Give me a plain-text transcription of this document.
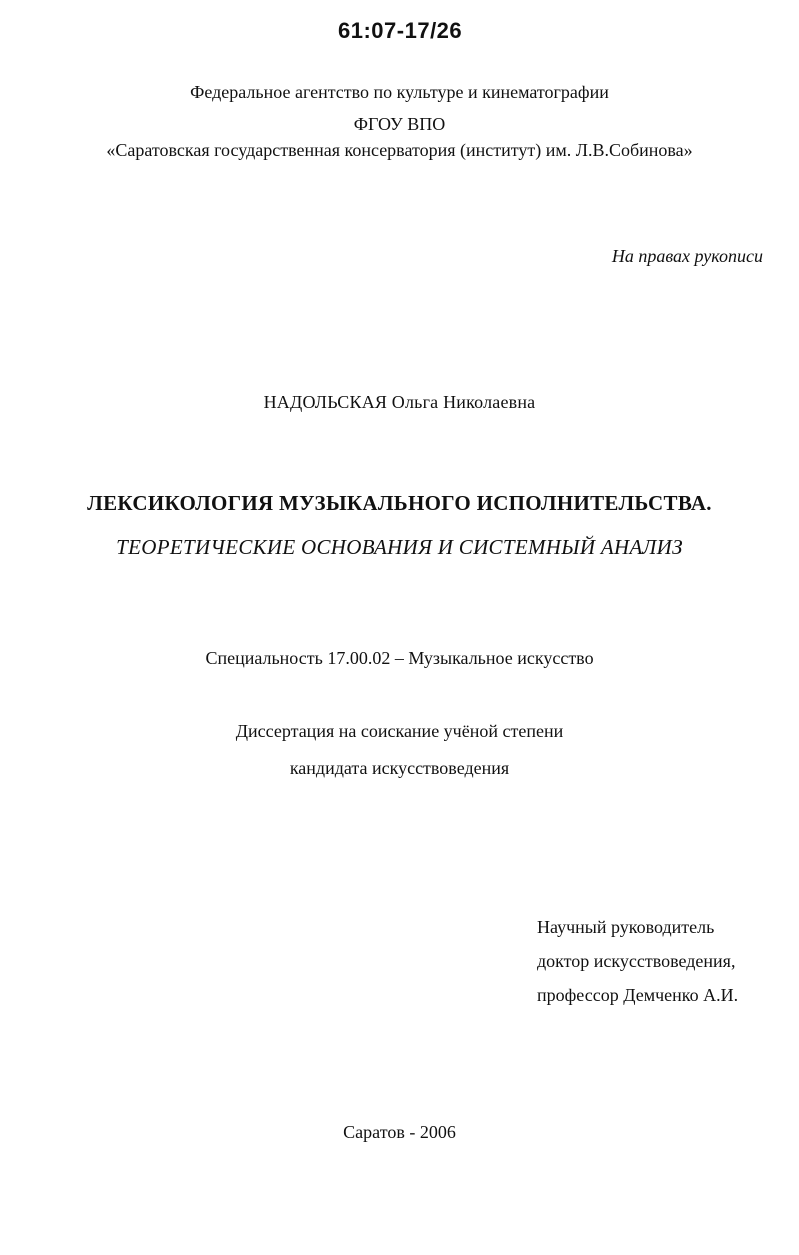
61:07-17/26
Федеральное агентство по культуре и кинематографии
ФГОУ ВПО
«Саратовская государственная консерватория (институт) им. Л.В.Собинова»
На правах рукописи
НАДОЛЬСКАЯ Ольга Николаевна
ЛЕКСИКОЛОГИЯ МУЗЫКАЛЬНОГО ИСПОЛНИТЕЛЬСТВА.
ТЕОРЕТИЧЕСКИЕ ОСНОВАНИЯ И СИСТЕМНЫЙ АНАЛИЗ
Специальность 17.00.02 – Музыкальное искусство
Диссертация на соискание учёной степени
кандидата искусствоведения
Научный руководитель
доктор искусствоведения,
профессор Демченко А.И.
Саратов - 2006
